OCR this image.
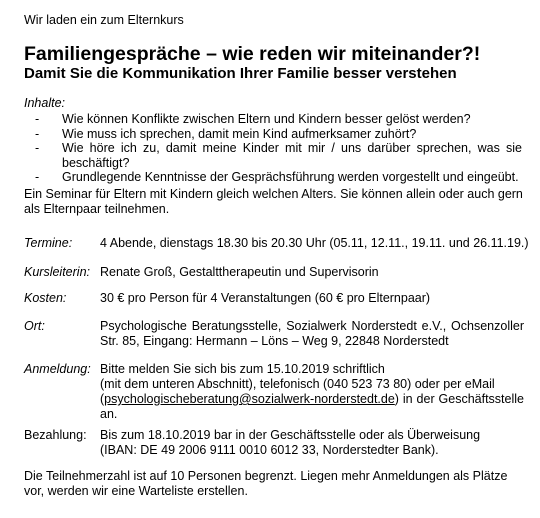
Wir laden ein zum Elternkurs
Familiengespräche – wie reden wir miteinander?!
Damit Sie die Kommunikation Ihrer Familie besser verstehen
Inhalte:
- Wie können Konflikte zwischen Eltern und Kindern besser gelöst werden?
- Wie muss ich sprechen, damit mein Kind aufmerksamer zuhört?
- Wie höre ich zu, damit meine Kinder mit mir / uns darüber sprechen, was sie beschäftigt?
- Grundlegende Kenntnisse der Gesprächsführung werden vorgestellt und eingeübt.
Ein Seminar für Eltern mit Kindern gleich welchen Alters. Sie können allein oder auch gern als Elternpaar teilnehmen.
Termine: 4 Abende, dienstags 18.30 bis 20.30 Uhr (05.11, 12.11., 19.11. und 26.11.19.)
Kursleiterin: Renate Groß, Gestalttherapeutin und Supervisorin
Kosten:	30 € pro Person für 4 Veranstaltungen (60 € pro Elternpaar)
Ort:	Psychologische Beratungsstelle, Sozialwerk Norderstedt e.V., Ochsenzoller
Str. 85, Eingang: Hermann – Löns – Weg 9, 22848 Norderstedt
Anmeldung: Bitte melden Sie sich bis zum 15.10.2019 schriftlich
(mit dem unteren Abschnitt), telefonisch (040 523 73 80) oder per eMail
(psychologischeberatung@sozialwerk-norderstedt.de) in der Geschäftsstelle
an.
Bezahlung: Bis zum 18.10.2019 bar in der Geschäftsstelle oder als Überweisung
(IBAN: DE 49 2006 9111 0010 6012 33, Norderstedter Bank).
Die Teilnehmerzahl ist auf 10 Personen begrenzt. Liegen mehr Anmeldungen als Plätze vor, werden wir eine Warteliste erstellen.
